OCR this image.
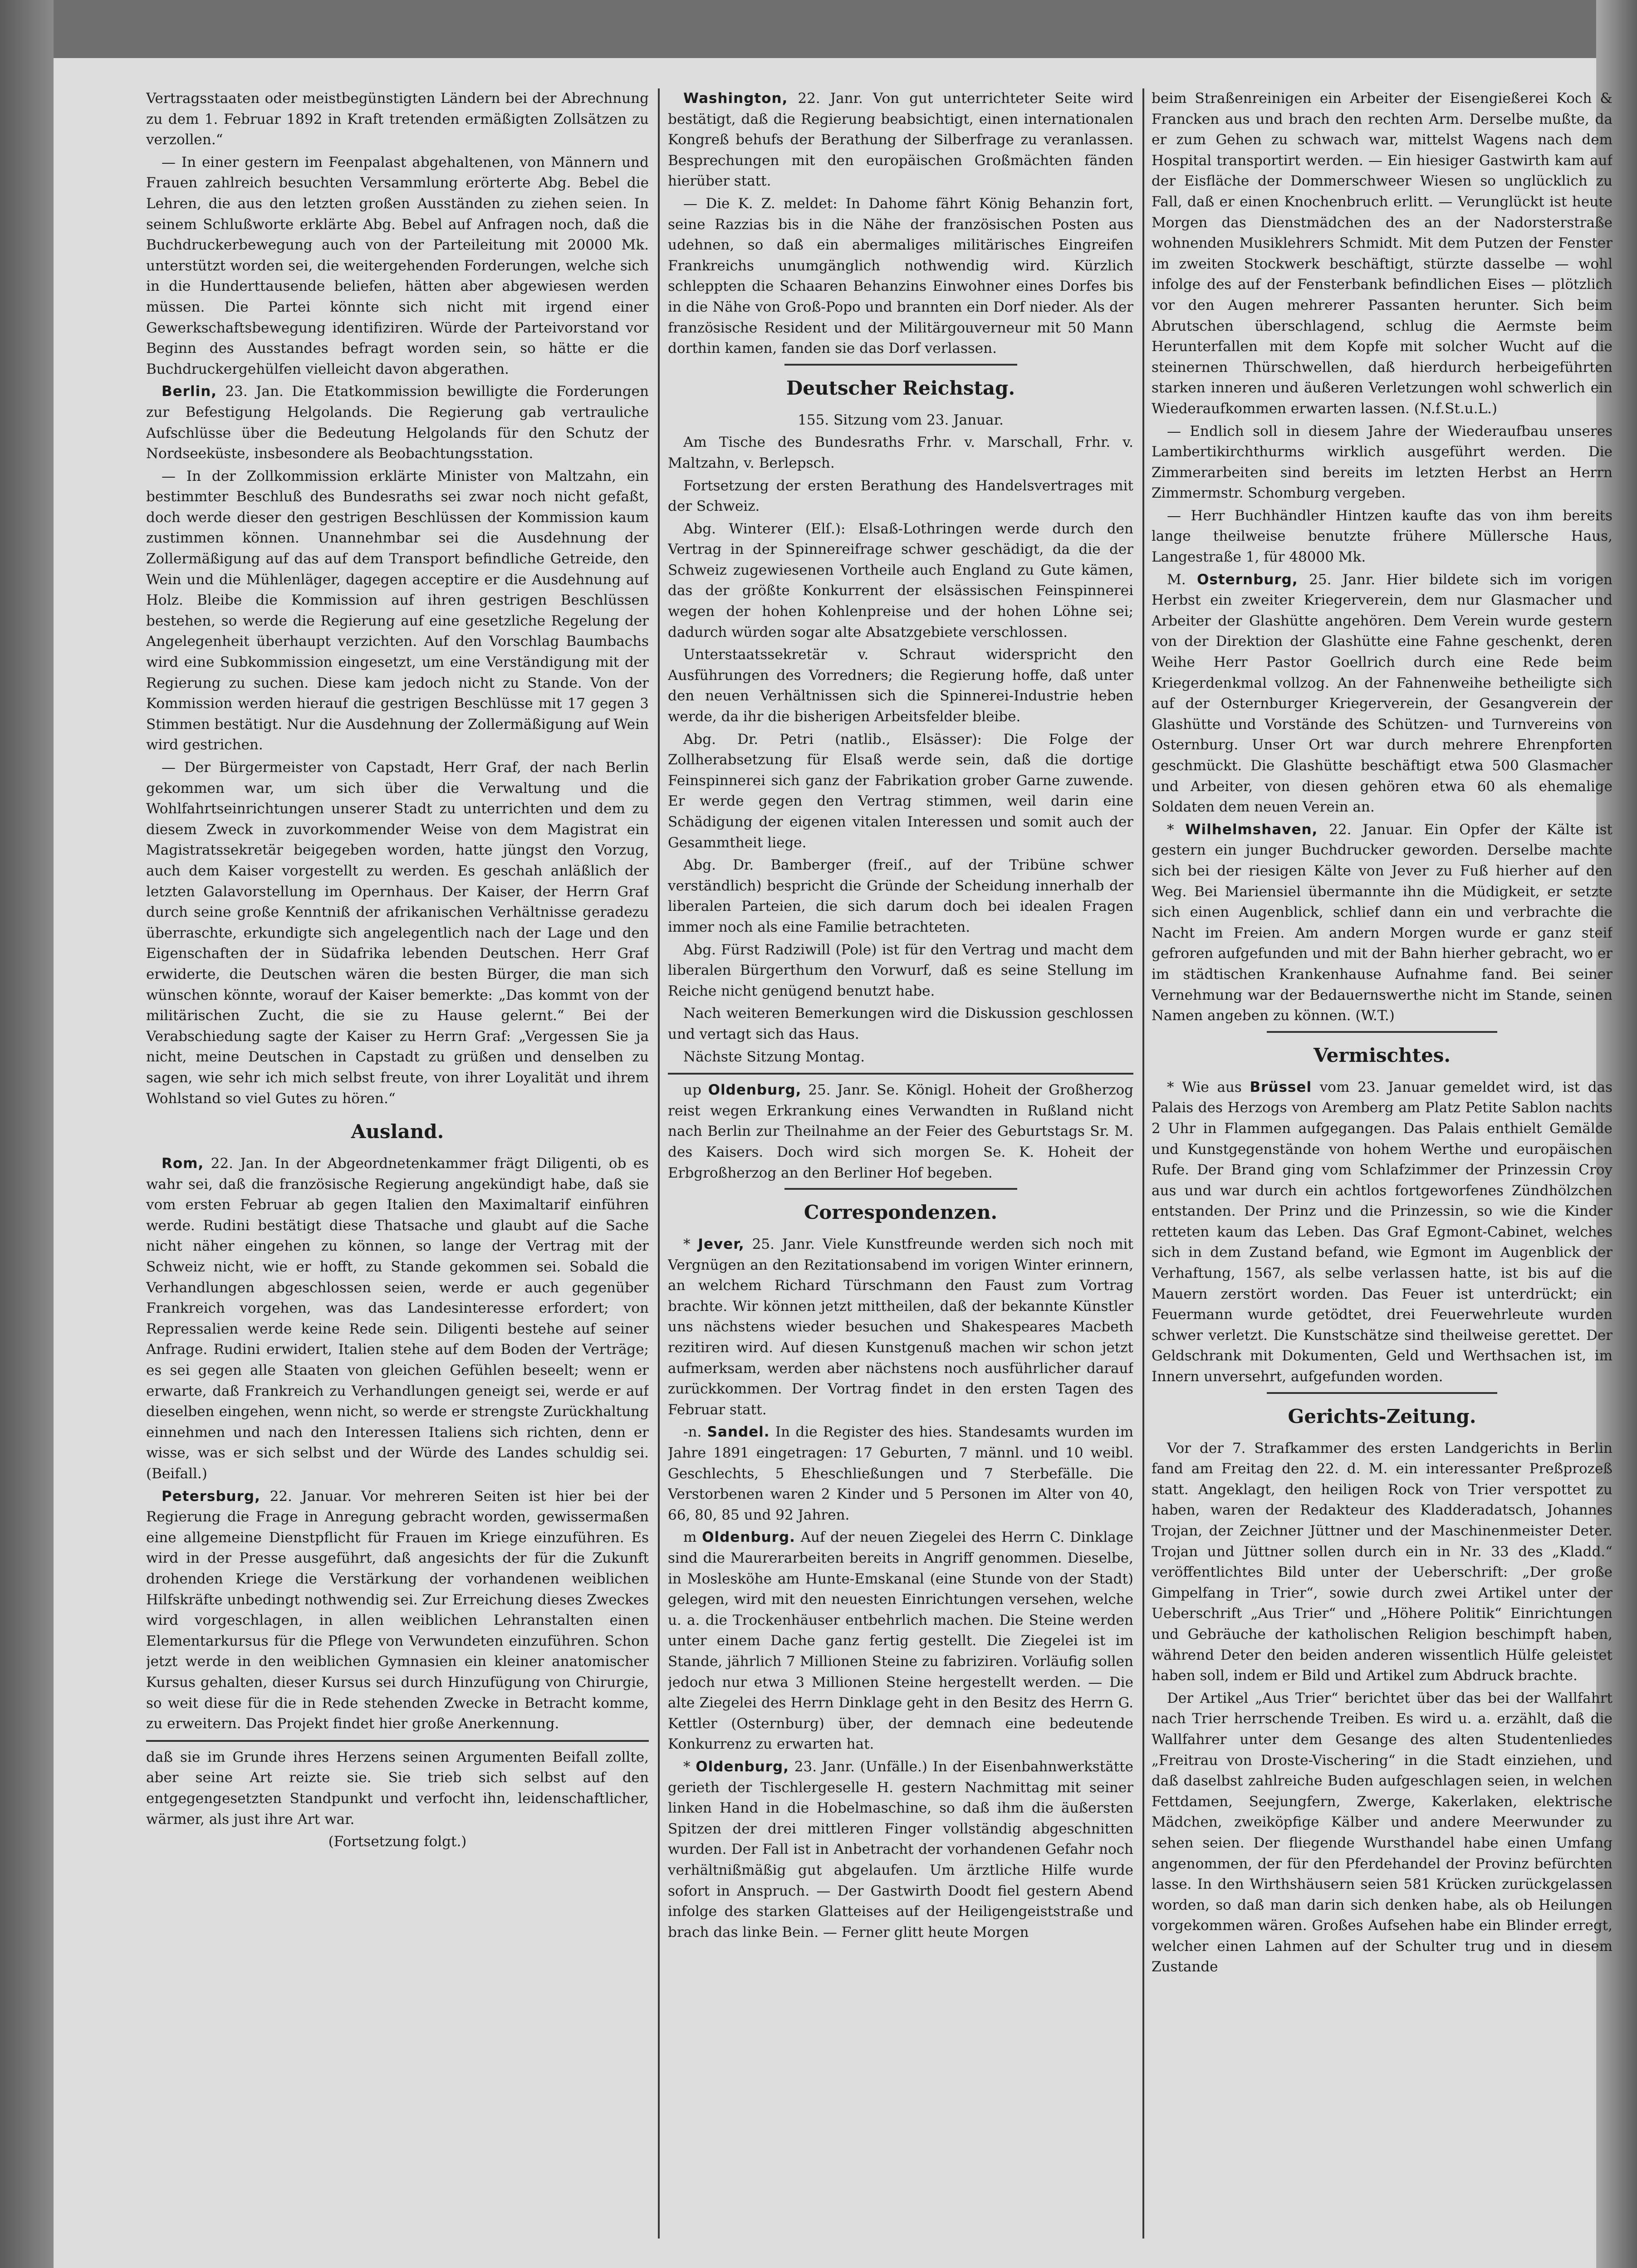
Vertragsstaaten oder meistbegünstigten Ländern bei der Abrechnung zu dem 1. Februar 1892 in Kraft tretenden ermäßigten Zollsätzen zu verzollen.“

— In einer gestern im Feenpalast abgehaltenen, von Männern und Frauen zahlreich besuchten Versammlung erörterte Abg. Bebel die Lehren, die aus den letzten großen Ausständen zu ziehen seien. In seinem Schlußworte erklärte Abg. Bebel auf Anfragen noch, daß die Buchdruckerbewegung auch von der Parteileitung mit 20000 Mk. unterstützt worden sei, die weitergehenden Forderungen, welche sich in die Hunderttausende beliefen, hätten aber abgewiesen werden müssen. Die Partei könnte sich nicht mit irgend einer Gewerkschaftsbewegung identifiziren. Würde der Parteivorstand vor Beginn des Ausstandes befragt worden sein, so hätte er die Buchdruckergehülfen vielleicht davon abgerathen.

Berlin, 23. Jan. Die Etatkommission bewilligte die Forderungen zur Befestigung Helgolands. Die Regierung gab vertrauliche Aufschlüsse über die Bedeutung Helgolands für den Schutz der Nordseeküste, insbesondere als Beobachtungsstation.

— In der Zollkommission erklärte Minister von Maltzahn, ein bestimmter Beschluß des Bundesraths sei zwar noch nicht gefaßt, doch werde dieser den gestrigen Beschlüssen der Kommission kaum zustimmen können. Unannehmbar sei die Ausdehnung der Zollermäßigung auf das auf dem Transport befindliche Getreide, den Wein und die Mühlenläger, dagegen acceptire er die Ausdehnung auf Holz. Bleibe die Kommission auf ihren gestrigen Beschlüssen bestehen, so werde die Regierung auf eine gesetzliche Regelung der Angelegenheit überhaupt verzichten. Auf den Vorschlag Baumbachs wird eine Subkommission eingesetzt, um eine Verständigung mit der Regierung zu suchen. Diese kam jedoch nicht zu Stande. Von der Kommission werden hierauf die gestrigen Beschlüsse mit 17 gegen 3 Stimmen bestätigt. Nur die Ausdehnung der Zollermäßigung auf Wein wird gestrichen.

— Der Bürgermeister von Capstadt, Herr Graf, der nach Berlin gekommen war, um sich über die Verwaltung und die Wohlfahrtseinrichtungen unserer Stadt zu unterrichten und dem zu diesem Zweck in zuvorkommender Weise von dem Magistrat ein Magistratssekretär beigegeben worden, hatte jüngst den Vorzug, auch dem Kaiser vorgestellt zu werden. Es geschah anläßlich der letzten Galavorstellung im Opernhaus. Der Kaiser, der Herrn Graf durch seine große Kenntniß der afrikanischen Verhältnisse geradezu überraschte, erkundigte sich angelegentlich nach der Lage und den Eigenschaften der in Südafrika lebenden Deutschen. Herr Graf erwiderte, die Deutschen wären die besten Bürger, die man sich wünschen könnte, worauf der Kaiser bemerkte: „Das kommt von der militärischen Zucht, die sie zu Hause gelernt.“ Bei der Verabschiedung sagte der Kaiser zu Herrn Graf: „Vergessen Sie ja nicht, meine Deutschen in Capstadt zu grüßen und denselben zu sagen, wie sehr ich mich selbst freute, von ihrer Loyalität und ihrem Wohlstand so viel Gutes zu hören.“

Ausland.

Rom, 22. Jan. In der Abgeordnetenkammer frägt Diligenti, ob es wahr sei, daß die französische Regierung angekündigt habe, daß sie vom ersten Februar ab gegen Italien den Maximaltarif einführen werde. Rudini bestätigt diese Thatsache und glaubt auf die Sache nicht näher eingehen zu können, so lange der Vertrag mit der Schweiz nicht, wie er hofft, zu Stande gekommen sei. Sobald die Verhandlungen abgeschlossen seien, werde er auch gegenüber Frankreich vorgehen, was das Landesinteresse erfordert; von Repressalien werde keine Rede sein. Diligenti bestehe auf seiner Anfrage. Rudini erwidert, Italien stehe auf dem Boden der Verträge; es sei gegen alle Staaten von gleichen Gefühlen beseelt; wenn er erwarte, daß Frankreich zu Verhandlungen geneigt sei, werde er auf dieselben eingehen, wenn nicht, so werde er strengste Zurückhaltung einnehmen und nach den Interessen Italiens sich richten, denn er wisse, was er sich selbst und der Würde des Landes schuldig sei. (Beifall.)

Petersburg, 22. Januar. Vor mehreren Seiten ist hier bei der Regierung die Frage in Anregung gebracht worden, gewissermaßen eine allgemeine Dienstpflicht für Frauen im Kriege einzuführen. Es wird in der Presse ausgeführt, daß angesichts der für die Zukunft drohenden Kriege die Verstärkung der vorhandenen weiblichen Hilfskräfte unbedingt nothwendig sei. Zur Erreichung dieses Zweckes wird vorgeschlagen, in allen weiblichen Lehranstalten einen Elementarkursus für die Pflege von Verwundeten einzuführen. Schon jetzt werde in den weiblichen Gymnasien ein kleiner anatomischer Kursus gehalten, dieser Kursus sei durch Hinzufügung von Chirurgie, so weit diese für die in Rede stehenden Zwecke in Betracht komme, zu erweitern. Das Projekt findet hier große Anerkennung.

daß sie im Grunde ihres Herzens seinen Argumenten Beifall zollte, aber seine Art reizte sie. Sie trieb sich selbst auf den entgegengesetzten Standpunkt und verfocht ihn, leidenschaftlicher, wärmer, als just ihre Art war.

(Fortsetzung folgt.)

Washington, 22. Janr. Von gut unterrichteter Seite wird bestätigt, daß die Regierung beabsichtigt, einen internationalen Kongreß behufs der Berathung der Silberfrage zu veranlassen. Besprechungen mit den europäischen Großmächten fänden hierüber statt.

— Die K. Z. meldet: In Dahome fährt König Behanzin fort, seine Razzias bis in die Nähe der französischen Posten aus udehnen, so daß ein abermaliges militärisches Eingreifen Frankreichs unumgänglich nothwendig wird. Kürzlich schleppten die Schaaren Behanzins Einwohner eines Dorfes bis in die Nähe von Groß-Popo und brannten ein Dorf nieder. Als der französische Resident und der Militärgouverneur mit 50 Mann dorthin kamen, fanden sie das Dorf verlassen.

Deutscher Reichstag.

155. Sitzung vom 23. Januar.

Am Tische des Bundesraths Frhr. v. Marschall, Frhr. v. Maltzahn, v. Berlepsch.

Fortsetzung der ersten Berathung des Handelsvertrages mit der Schweiz.

Abg. Winterer (Elſ.): Elsaß-Lothringen werde durch den Vertrag in der Spinnereifrage schwer geschädigt, da die der Schweiz zugewiesenen Vortheile auch England zu Gute kämen, das der größte Konkurrent der elsässischen Feinspinnerei wegen der hohen Kohlenpreise und der hohen Löhne sei; dadurch würden sogar alte Absatzgebiete verschlossen.

Unterstaatssekretär v. Schraut widerspricht den Ausführungen des Vorredners; die Regierung hoffe, daß unter den neuen Verhältnissen sich die Spinnerei-Industrie heben werde, da ihr die bisherigen Arbeitsfelder bleibe.

Abg. Dr. Petri (natlib., Elsässer): Die Folge der Zollherabsetzung für Elsaß werde sein, daß die dortige Feinspinnerei sich ganz der Fabrikation grober Garne zuwende. Er werde gegen den Vertrag stimmen, weil darin eine Schädigung der eigenen vitalen Interessen und somit auch der Gesammtheit liege.

Abg. Dr. Bamberger (freiſ., auf der Tribüne schwer verständlich) bespricht die Gründe der Scheidung innerhalb der liberalen Parteien, die sich darum doch bei idealen Fragen immer noch als eine Familie betrachteten.

Abg. Fürst Radziwill (Pole) ist für den Vertrag und macht dem liberalen Bürgerthum den Vorwurf, daß es seine Stellung im Reiche nicht genügend benutzt habe.

Nach weiteren Bemerkungen wird die Diskussion geschlossen und vertagt sich das Haus.

Nächste Sitzung Montag.

up Oldenburg, 25. Janr. Se. Königl. Hoheit der Großherzog reist wegen Erkrankung eines Verwandten in Rußland nicht nach Berlin zur Theilnahme an der Feier des Geburtstags Sr. M. des Kaisers. Doch wird sich morgen Se. K. Hoheit der Erbgroßherzog an den Berliner Hof begeben.

Correspondenzen.

* Jever, 25. Janr. Viele Kunstfreunde werden sich noch mit Vergnügen an den Rezitationsabend im vorigen Winter erinnern, an welchem Richard Türschmann den Faust zum Vortrag brachte. Wir können jetzt mittheilen, daß der bekannte Künstler uns nächstens wieder besuchen und Shakespeares Macbeth rezitiren wird. Auf diesen Kunstgenuß machen wir schon jetzt aufmerksam, werden aber nächstens noch ausführlicher darauf zurückkommen. Der Vortrag findet in den ersten Tagen des Februar statt.

-n. Sandel. In die Register des hies. Standesamts wurden im Jahre 1891 eingetragen: 17 Geburten, 7 männl. und 10 weibl. Geschlechts, 5 Eheschließungen und 7 Sterbefälle. Die Verstorbenen waren 2 Kinder und 5 Personen im Alter von 40, 66, 80, 85 und 92 Jahren.

m Oldenburg. Auf der neuen Ziegelei des Herrn C. Dinklage sind die Maurerarbeiten bereits in Angriff genommen. Dieselbe, in Moslesköhe am Hunte-Emskanal (eine Stunde von der Stadt) gelegen, wird mit den neuesten Einrichtungen versehen, welche u. a. die Trockenhäuser entbehrlich machen. Die Steine werden unter einem Dache ganz fertig gestellt. Die Ziegelei ist im Stande, jährlich 7 Millionen Steine zu fabriziren. Vorläufig sollen jedoch nur etwa 3 Millionen Steine hergestellt werden. — Die alte Ziegelei des Herrn Dinklage geht in den Besitz des Herrn G. Kettler (Osternburg) über, der demnach eine bedeutende Konkurrenz zu erwarten hat.

* Oldenburg, 23. Janr. (Unfälle.) In der Eisenbahnwerkstätte gerieth der Tischlergeselle H. gestern Nachmittag mit seiner linken Hand in die Hobelmaschine, so daß ihm die äußersten Spitzen der drei mittleren Finger vollständig abgeschnitten wurden. Der Fall ist in Anbetracht der vorhandenen Gefahr noch verhältnißmäßig gut abgelaufen. Um ärztliche Hilfe wurde sofort in Anspruch. — Der Gastwirth Doodt fiel gestern Abend infolge des starken Glatteises auf der Heiligengeiststraße und brach das linke Bein. — Ferner glitt heute Morgen

beim Straßenreinigen ein Arbeiter der Eisengießerei Koch & Francken aus und brach den rechten Arm. Derselbe mußte, da er zum Gehen zu schwach war, mittelst Wagens nach dem Hospital transportirt werden. — Ein hiesiger Gastwirth kam auf der Eisfläche der Dommerschweer Wiesen so unglücklich zu Fall, daß er einen Knochenbruch erlitt. — Verunglückt ist heute Morgen das Dienstmädchen des an der Nadorsterstraße wohnenden Musiklehrers Schmidt. Mit dem Putzen der Fenster im zweiten Stockwerk beschäftigt, stürzte dasselbe — wohl infolge des auf der Fensterbank befindlichen Eises — plötzlich vor den Augen mehrerer Passanten herunter. Sich beim Abrutschen überschlagend, schlug die Aermste beim Herunterfallen mit dem Kopfe mit solcher Wucht auf die steinernen Thürschwellen, daß hierdurch herbeigeführten starken inneren und äußeren Verletzungen wohl schwerlich ein Wiederaufkommen erwarten lassen. (N.f.St.u.L.)

— Endlich soll in diesem Jahre der Wiederaufbau unseres Lambertikirchthurms wirklich ausgeführt werden. Die Zimmerarbeiten sind bereits im letzten Herbst an Herrn Zimmermstr. Schomburg vergeben.

— Herr Buchhändler Hintzen kaufte das von ihm bereits lange theilweise benutzte frühere Müllersche Haus, Langestraße 1, für 48000 Mk.

M. Osternburg, 25. Janr. Hier bildete sich im vorigen Herbst ein zweiter Kriegerverein, dem nur Glasmacher und Arbeiter der Glashütte angehören. Dem Verein wurde gestern von der Direktion der Glashütte eine Fahne geschenkt, deren Weihe Herr Pastor Goellrich durch eine Rede beim Kriegerdenkmal vollzog. An der Fahnenweihe betheiligte sich auf der Osternburger Kriegerverein, der Gesangverein der Glashütte und Vorstände des Schützen- und Turnvereins von Osternburg. Unser Ort war durch mehrere Ehrenpforten geschmückt. Die Glashütte beschäftigt etwa 500 Glasmacher und Arbeiter, von diesen gehören etwa 60 als ehemalige Soldaten dem neuen Verein an.

* Wilhelmshaven, 22. Januar. Ein Opfer der Kälte ist gestern ein junger Buchdrucker geworden. Derselbe machte sich bei der riesigen Kälte von Jever zu Fuß hierher auf den Weg. Bei Mariensiel übermannte ihn die Müdigkeit, er setzte sich einen Augenblick, schlief dann ein und verbrachte die Nacht im Freien. Am andern Morgen wurde er ganz steif gefroren aufgefunden und mit der Bahn hierher gebracht, wo er im städtischen Krankenhause Aufnahme fand. Bei seiner Vernehmung war der Bedauernswerthe nicht im Stande, seinen Namen angeben zu können. (W.T.)

Vermischtes.

* Wie aus Brüssel vom 23. Januar gemeldet wird, ist das Palais des Herzogs von Aremberg am Platz Petite Sablon nachts 2 Uhr in Flammen aufgegangen. Das Palais enthielt Gemälde und Kunstgegenstände von hohem Werthe und europäischen Rufe. Der Brand ging vom Schlafzimmer der Prinzessin Croy aus und war durch ein achtlos fortgeworfenes Zündhölzchen entstanden. Der Prinz und die Prinzessin, so wie die Kinder retteten kaum das Leben. Das Graf Egmont-Cabinet, welches sich in dem Zustand befand, wie Egmont im Augenblick der Verhaftung, 1567, als selbe verlassen hatte, ist bis auf die Mauern zerstört worden. Das Feuer ist unterdrückt; ein Feuermann wurde getödtet, drei Feuerwehrleute wurden schwer verletzt. Die Kunstschätze sind theilweise gerettet. Der Geldschrank mit Dokumenten, Geld und Werthsachen ist, im Innern unversehrt, aufgefunden worden.

Gerichts-Zeitung.

Vor der 7. Strafkammer des ersten Landgerichts in Berlin fand am Freitag den 22. d. M. ein interessanter Preßprozeß statt. Angeklagt, den heiligen Rock von Trier verspottet zu haben, waren der Redakteur des Kladderadatsch, Johannes Trojan, der Zeichner Jüttner und der Maschinenmeister Deter. Trojan und Jüttner sollen durch ein in Nr. 33 des „Kladd.“ veröffentlichtes Bild unter der Ueberschrift: „Der große Gimpelfang in Trier“, sowie durch zwei Artikel unter der Ueberschrift „Aus Trier“ und „Höhere Politik“ Einrichtungen und Gebräuche der katholischen Religion beschimpft haben, während Deter den beiden anderen wissentlich Hülfe geleistet haben soll, indem er Bild und Artikel zum Abdruck brachte.

Der Artikel „Aus Trier“ berichtet über das bei der Wallfahrt nach Trier herrschende Treiben. Es wird u. a. erzählt, daß die Wallfahrer unter dem Gesange des alten Studentenliedes „Freitrau von Droste-Vischering“ in die Stadt einziehen, und daß daselbst zahlreiche Buden aufgeschlagen seien, in welchen Fettdamen, Seejungfern, Zwerge, Kakerlaken, elektrische Mädchen, zweiköpfige Kälber und andere Meerwunder zu sehen seien. Der fliegende Wursthandel habe einen Umfang angenommen, der für den Pferdehandel der Provinz befürchten lasse. In den Wirthshäusern seien 581 Krücken zurückgelassen worden, so daß man darin sich denken habe, als ob Heilungen vorgekommen wären. Großes Aufsehen habe ein Blinder erregt, welcher einen Lahmen auf der Schulter trug und in diesem Zustande
